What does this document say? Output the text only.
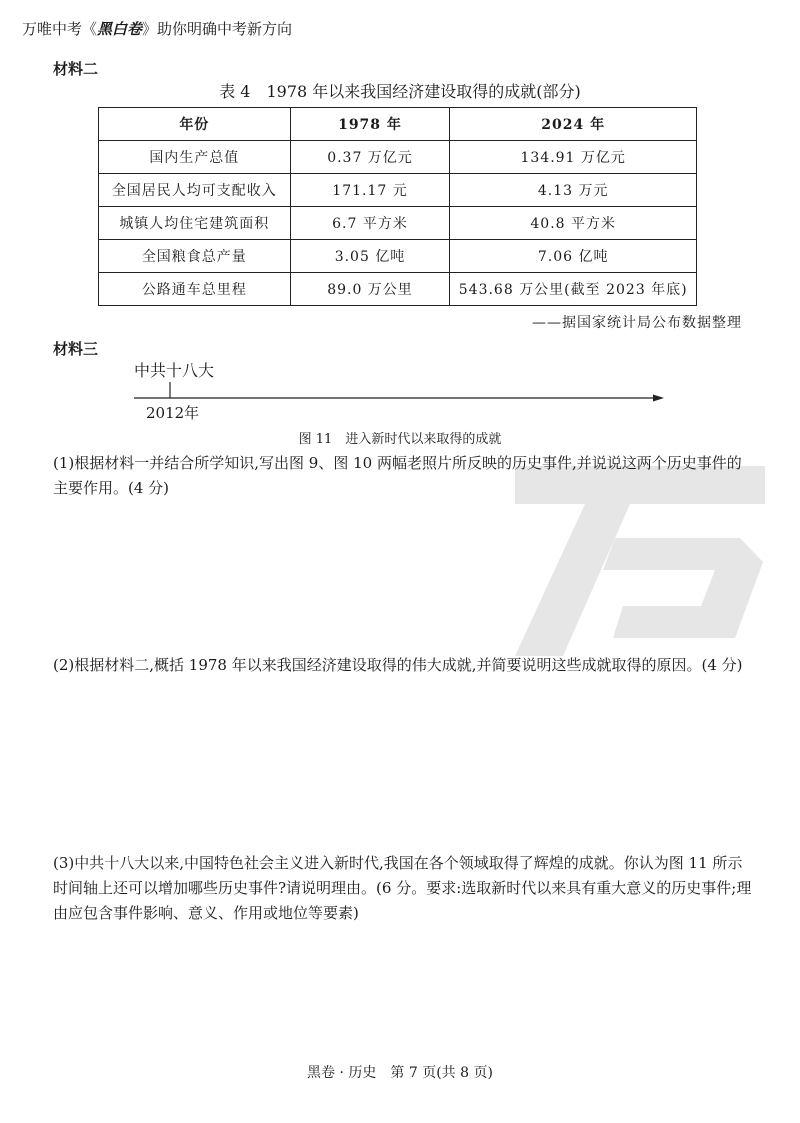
万唯中考《黑白卷》助你明确中考新方向
材料二
表 4　1978 年以来我国经济建设取得的成就(部分)
年份	1978 年	2024 年
国内生产总值	0.37 万亿元	134.91 万亿元
全国居民人均可支配收入	171.17 元	4.13 万元
城镇人均住宅建筑面积	6.7 平方米	40.8 平方米
全国粮食总产量	3.05 亿吨	7.06 亿吨
公路通车总里程	89.0 万公里	543.68 万公里(截至 2023 年底)
——据国家统计局公布数据整理
材料三
中共十八大
2012年
图 11　进入新时代以来取得的成就
(1)根据材料一并结合所学知识,写出图 9、图 10 两幅老照片所反映的历史事件,并说说这两个历史事件的主要作用。(4 分)
(2)根据材料二,概括 1978 年以来我国经济建设取得的伟大成就,并简要说明这些成就取得的原因。(4 分)
(3)中共十八大以来,中国特色社会主义进入新时代,我国在各个领域取得了辉煌的成就。你认为图 11 所示时间轴上还可以增加哪些历史事件?请说明理由。(6 分。要求:选取新时代以来具有重大意义的历史事件;理由应包含事件影响、意义、作用或地位等要素)
黑卷 · 历史　第 7 页(共 8 页)
